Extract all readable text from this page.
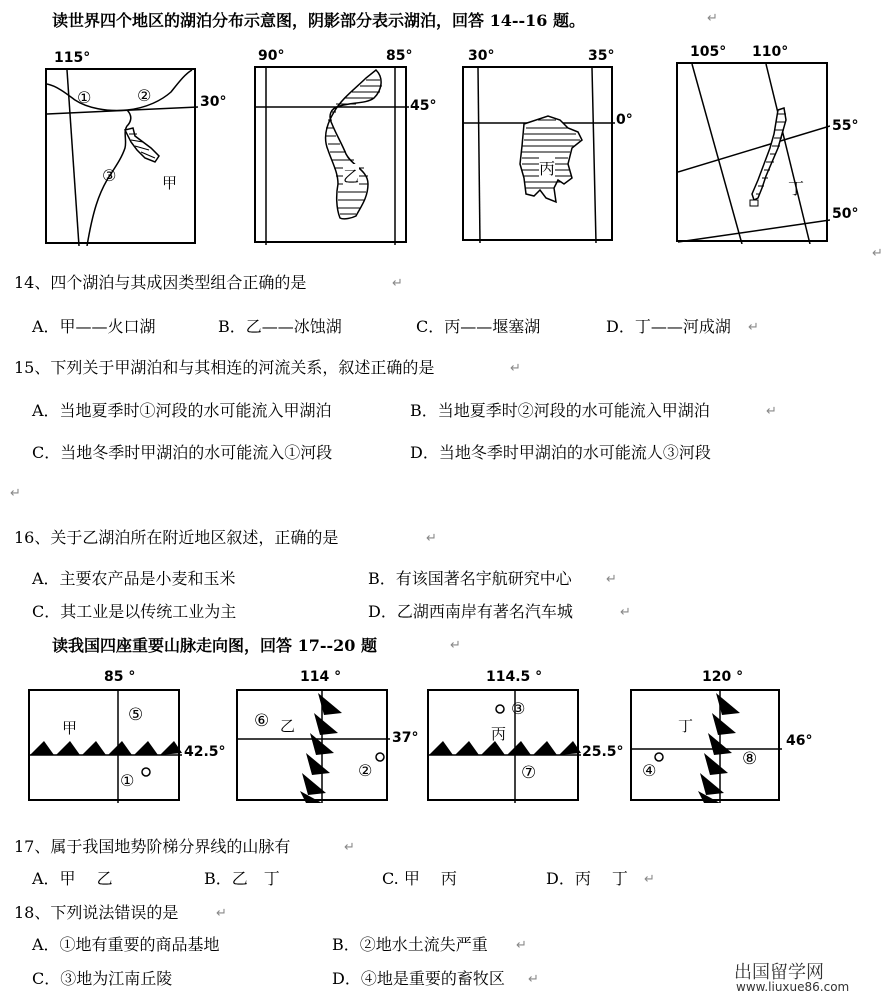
读世界四个地区的湖泊分布示意图，阴影部分表示湖泊，回答 14--16 题。	↵
115°
①	②
③	甲
30°
90°	85°
乙
45°
30°	35°
丙
0°
105° 110°
丁
55°
50°
↵
14、四个湖泊与其成因类型组合正确的是	↵
A．甲——火口湖	B．乙——冰蚀湖	C．丙——堰塞湖	D．丁——河成湖 ↵
15、下列关于甲湖泊和与其相连的河流关系，叙述正确的是	↵
A．当地夏季时①河段的水可能流入甲湖泊	B．当地夏季时②河段的水可能流入甲湖泊	↵
C．当地冬季时甲湖泊的水可能流入①河段	D．当地冬季时甲湖泊的水可能流人③河段
↵
16、关于乙湖泊所在附近地区叙述，正确的是	↵
A．主要农产品是小麦和玉米	B．有该国著名宇航研究中心	↵
C．其工业是以传统工业为主	D．乙湖西南岸有著名汽车城	↵
读我国四座重要山脉走向图，回答 17--20 题	↵
85 °
甲
⑤
①
42.5°
114 °
⑥ 乙
②
37°
114.5 °
③
丙
⑦
25.5°
120 °
丁
④
⑧
46°
17、属于我国地势阶梯分界线的山脉有	↵
A．甲　 乙	B．乙　丁	C. 甲　 丙	D．丙　 丁 ↵
18、下列说法错误的是	↵
A．①地有重要的商品基地	B．②地水土流失严重 ↵
C．③地为江南丘陵	D．④地是重要的畜牧区 ↵	出国留学网
www.liuxue86.com
